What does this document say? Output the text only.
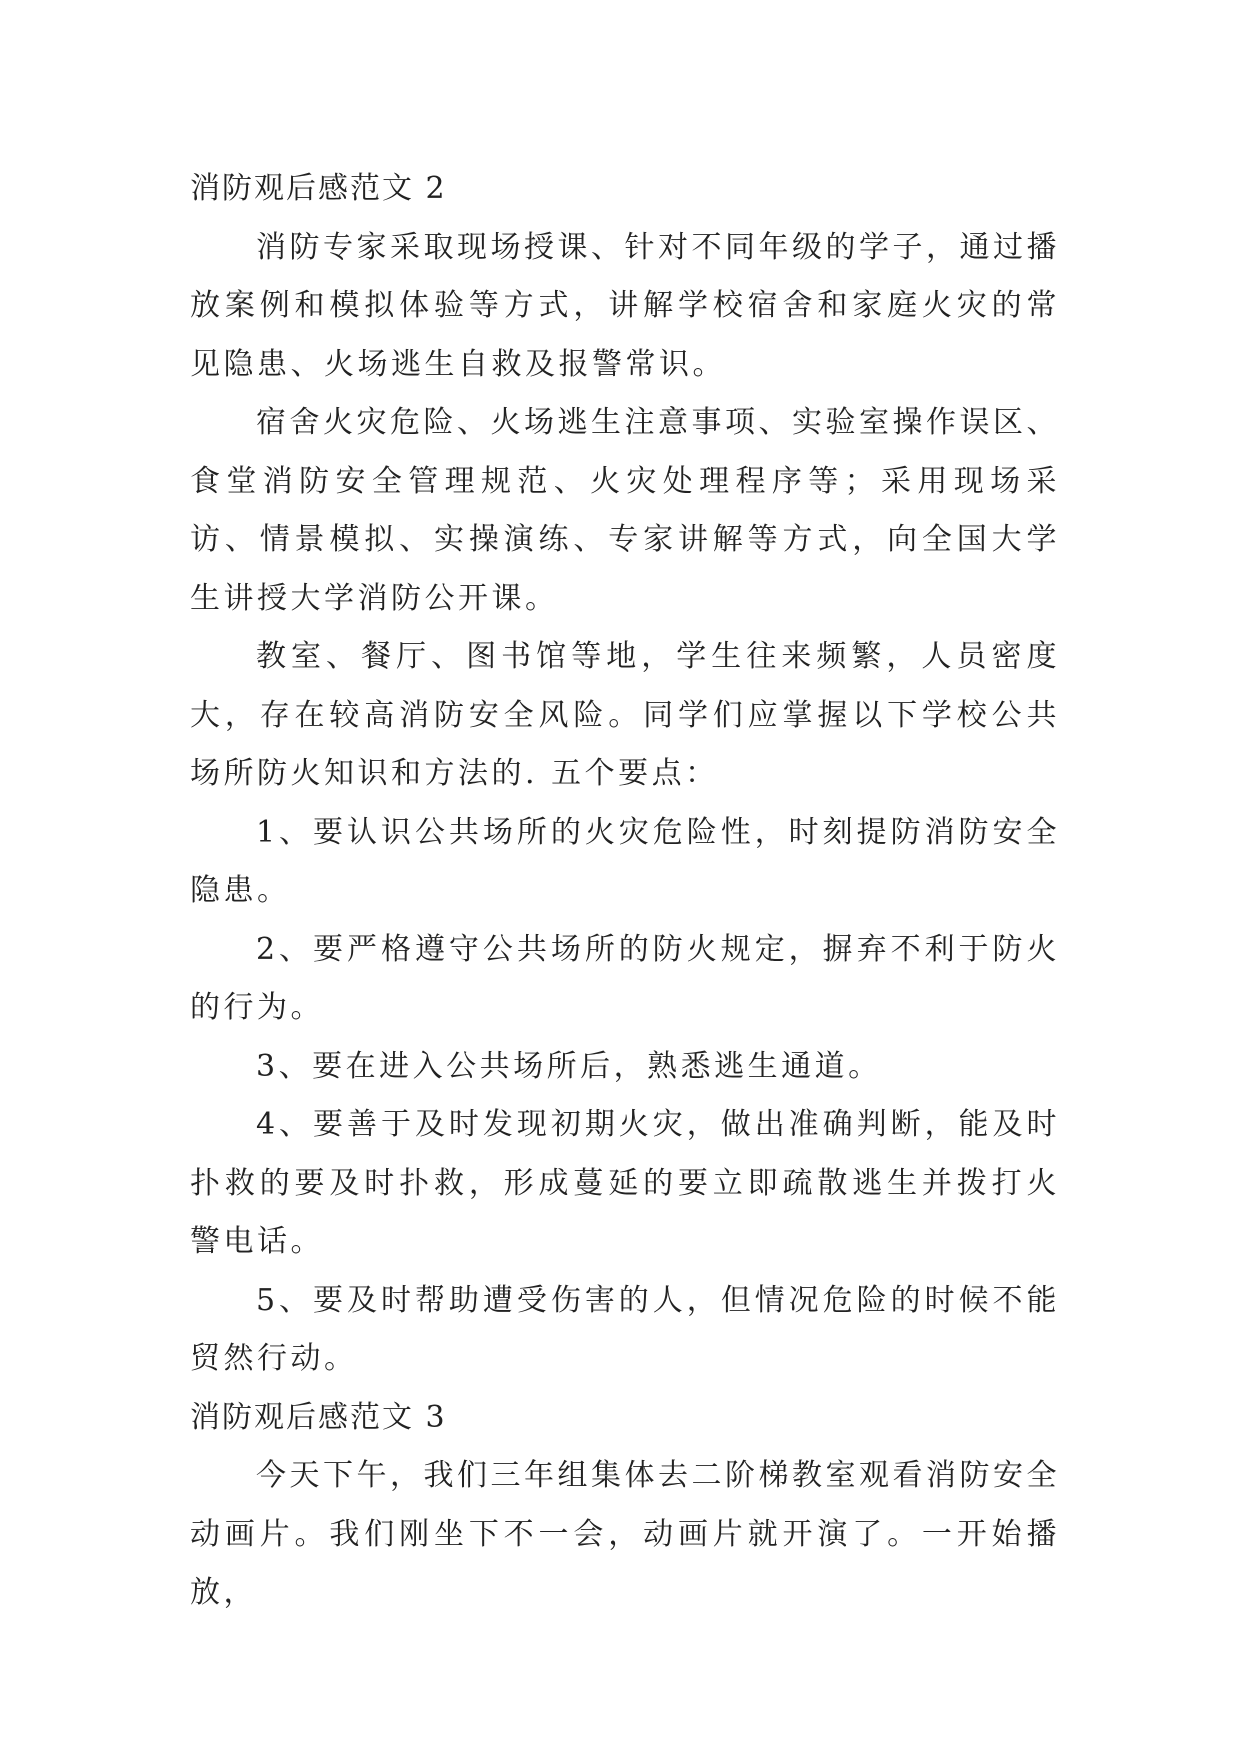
消防观后感范文 2

消防专家采取现场授课、针对不同年级的学子，通过播放案例和模拟体验等方式，讲解学校宿舍和家庭火灾的常见隐患、火场逃生自救及报警常识。

宿舍火灾危险、火场逃生注意事项、实验室操作误区、食堂消防安全管理规范、火灾处理程序等；采用现场采访、情景模拟、实操演练、专家讲解等方式，向全国大学生讲授大学消防公开课。

教室、餐厅、图书馆等地，学生往来频繁，人员密度大，存在较高消防安全风险。同学们应掌握以下学校公共场所防火知识和方法的. 五个要点：

1、要认识公共场所的火灾危险性，时刻提防消防安全隐患。

2、要严格遵守公共场所的防火规定，摒弃不利于防火的行为。

3、要在进入公共场所后，熟悉逃生通道。

4、要善于及时发现初期火灾，做出准确判断，能及时扑救的要及时扑救，形成蔓延的要立即疏散逃生并拨打火警电话。

5、要及时帮助遭受伤害的人，但情况危险的时候不能贸然行动。

消防观后感范文 3

今天下午，我们三年组集体去二阶梯教室观看消防安全动画片。我们刚坐下不一会，动画片就开演了。一开始播放，
